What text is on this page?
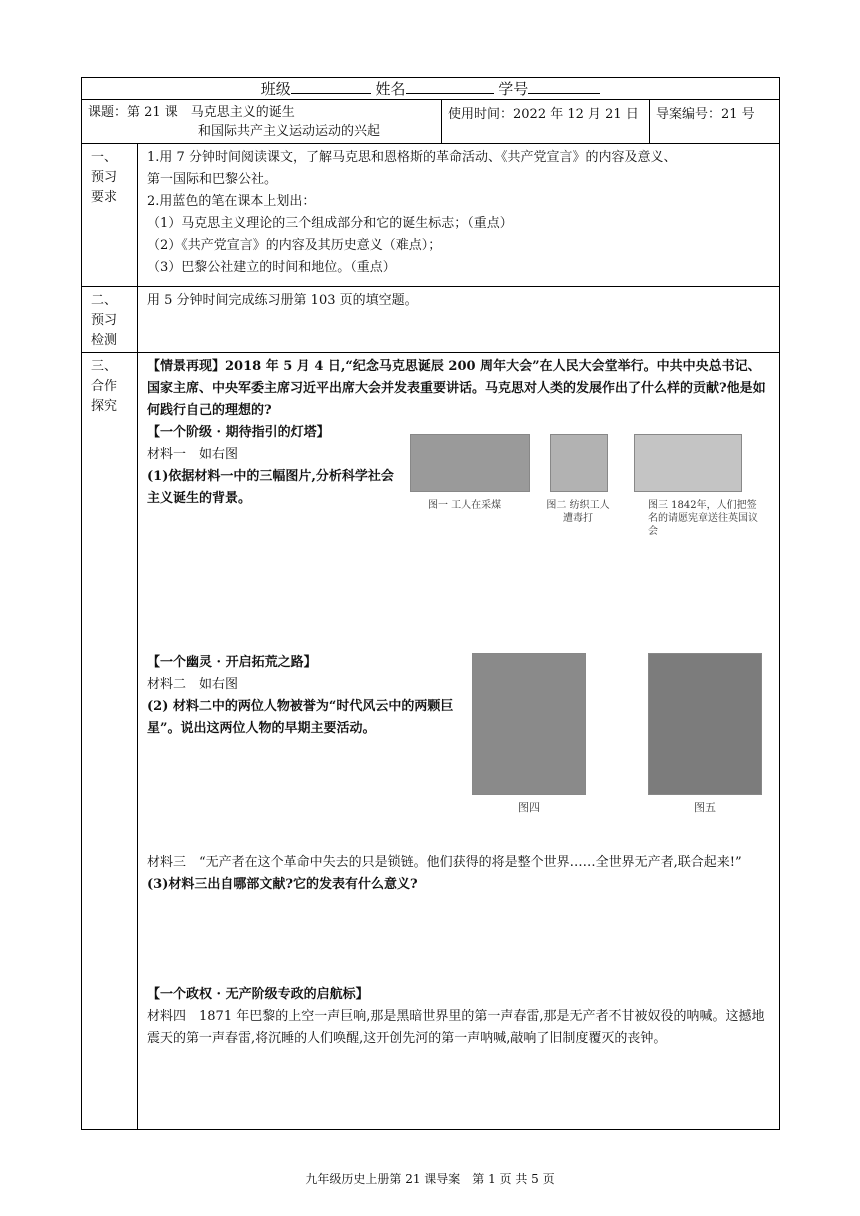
班级	姓名	学号
课题：第 21 课　马克思主义的诞生
和国际共产主义运动运动的兴起
使用时间：2022 年 12 月 21 日	导案编号：21 号
一、
预习
要求

1.用 7 分钟时间阅读课文，了解马克思和恩格斯的革命活动、《共产党宣言》的内容及意义、

第一国际和巴黎公社。

2.用蓝色的笔在课本上划出：

（1）马克思主义理论的三个组成部分和它的诞生标志；（重点）

（2）《共产党宣言》的内容及其历史意义（难点）；

（3）巴黎公社建立的时间和地位。（重点）

二、
预习
检测

用 5 分钟时间完成练习册第 103 页的填空题。

三、
合作
探究

【情景再现】2018 年 5 月 4 日,“纪念马克思诞辰 200 周年大会”在人民大会堂举行。中共中央总书记、国家主席、中央军委主席习近平出席大会并发表重要讲话。马克思对人类的发展作出了什么样的贡献?他是如何践行自己的理想的?

【一个阶级 · 期待指引的灯塔】

材料一　如右图

(1)依据材料一中的三幅图片,分析科学社会主义诞生的背景。	图一 工人在采煤	图二 纺织工人遭毒打
图三 1842年，人们把签名的请愿宪章送往英国议会

【一个幽灵 · 开启拓荒之路】

材料二　如右图

(2) 材料二中的两位人物被誉为“时代风云中的两颗巨星”。说出这两位人物的早期主要活动。

图四	图五

材料三　“无产者在这个革命中失去的只是锁链。他们获得的将是整个世界……全世界无产者,联合起来!”

(3)材料三出自哪部文献?它的发表有什么意义?

【一个政权 · 无产阶级专政的启航标】

材料四　1871 年巴黎的上空一声巨响,那是黑暗世界里的第一声春雷,那是无产者不甘被奴役的呐喊。这撼地震天的第一声春雷,将沉睡的人们唤醒,这开创先河的第一声呐喊,敲响了旧制度覆灭的丧钟。

九年级历史上册第 21 课导案　第 1 页 共 5 页
